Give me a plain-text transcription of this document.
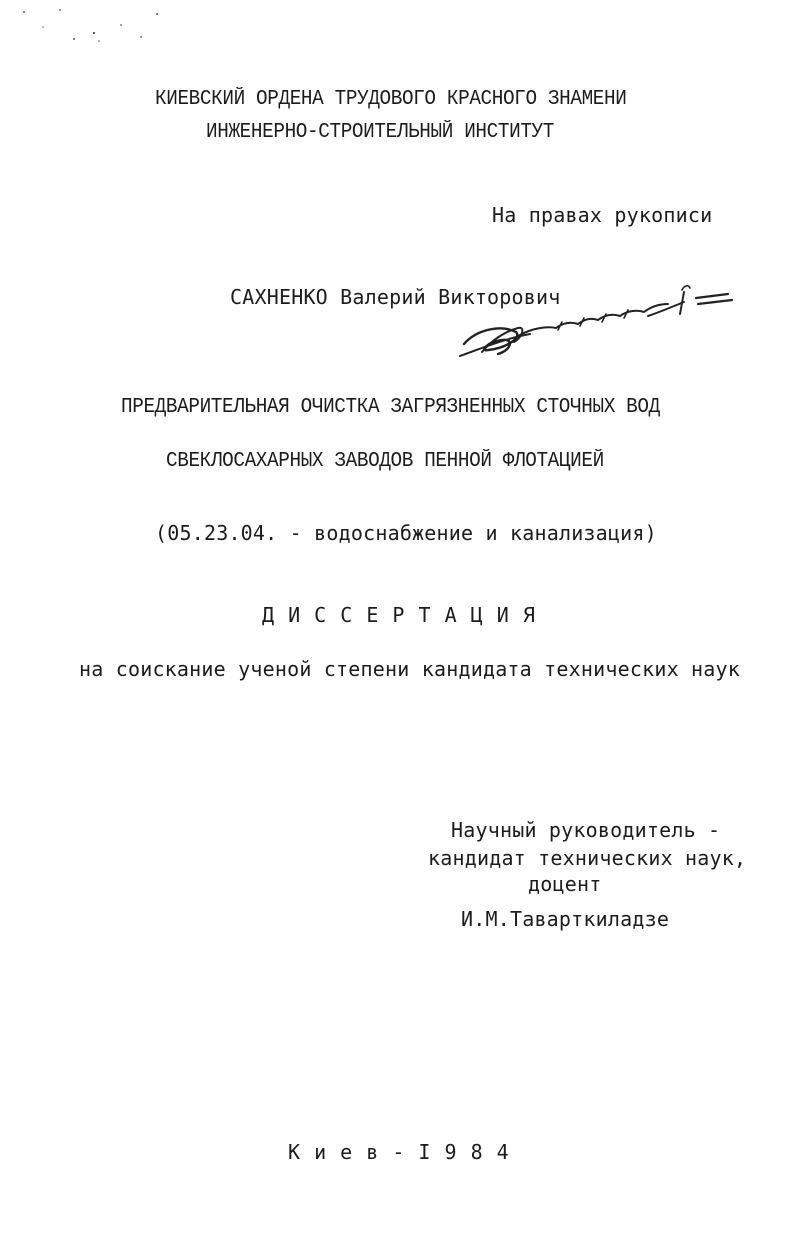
КИЕВСКИЙ ОРДЕНА ТРУДОВОГО КРАСНОГО ЗНАМЕНИ
ИНЖЕНЕРНО-СТРОИТЕЛЬНЫЙ ИНСТИТУТ
На правах рукописи
САХНЕНКО Валерий Викторович
ПРЕДВАРИТЕЛЬНАЯ ОЧИСТКА ЗАГРЯЗНЕННЫХ СТОЧНЫХ ВОД
СВЕКЛОСАХАРНЫХ ЗАВОДОВ ПЕННОЙ ФЛОТАЦИЕЙ
(05.23.04. - водоснабжение и канализация)
Д И С С Е Р Т А Ц И Я
на соискание ученой степени кандидата технических наук
Научный руководитель -
кандидат технических наук,
доцент
И.М.Таварткиладзе
К и е в - I 9 8 4
